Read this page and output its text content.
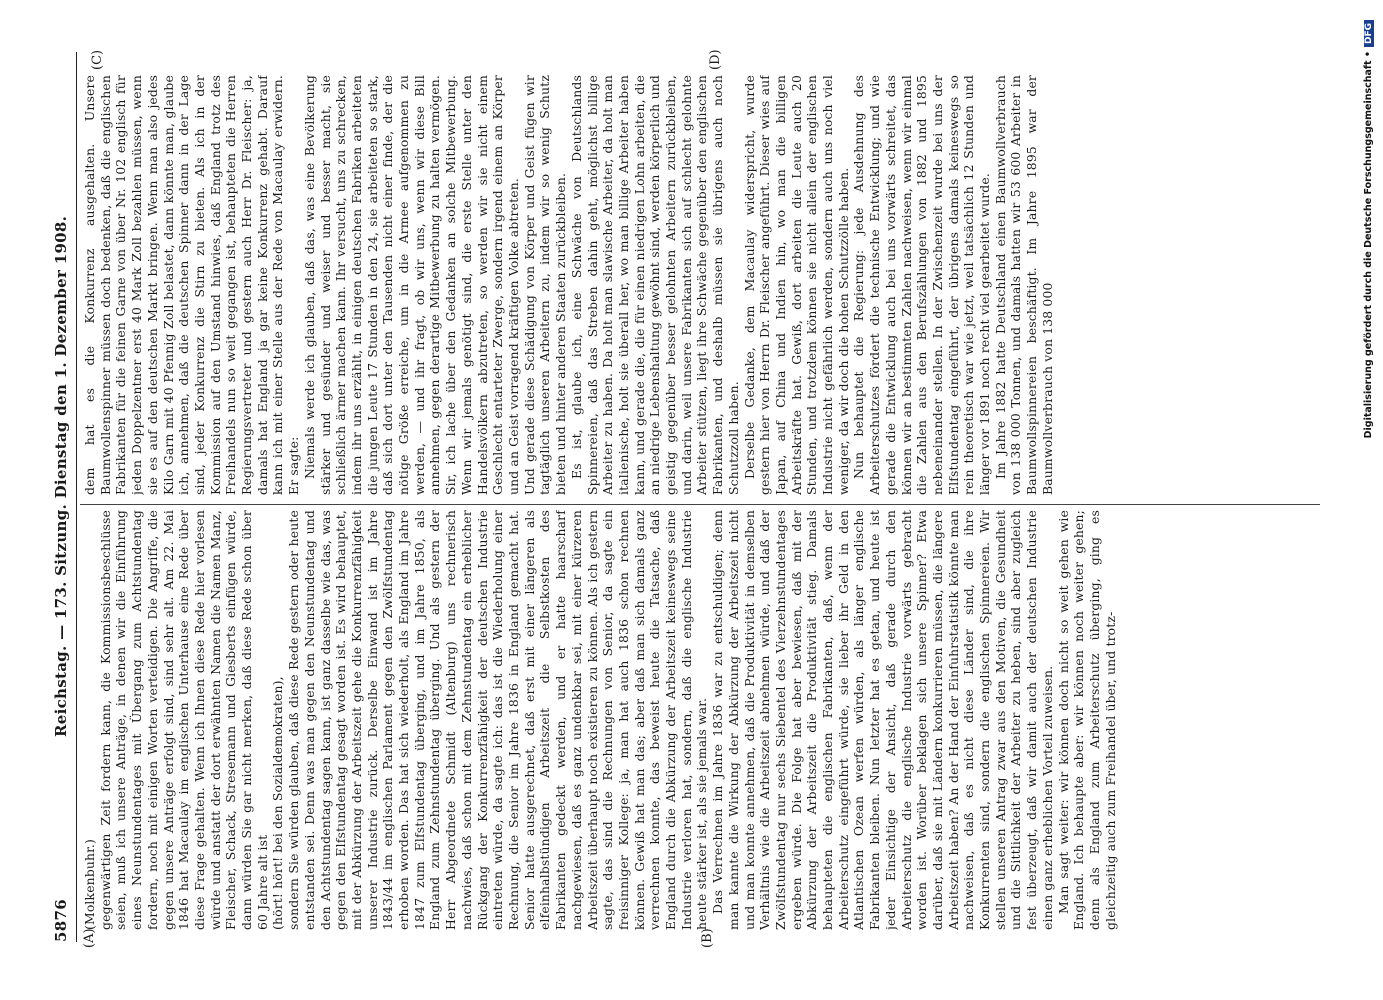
5876
Reichstag. — 173. Sitzung. Dienstag den 1. Dezember 1908.
(A)	(B)
(C)	(D)

(Molkenbuhr.) gegenwärtigen Zeit fordern kann, die Kommissionsbeschlüsse seien, muß ich unsere Anträge, in denen wir die Einführung eines Neunstundentages mit Übergang zum Achtstundentag fordern, noch mit einigen Worten verteidigen. Die Angriffe, die gegen unsere Anträge erfolgt sind, sind sehr alt. Am 22. Mai 1846 hat Macaulay im englischen Unterhause eine Rede über diese Frage gehalten. Wenn ich Ihnen diese Rede hier vorlesen würde und anstatt der dort erwähnten Namen die Namen Manz, Fleischer, Schack, Stresemann und Giesberts einfügen würde, dann würden Sie gar nicht merken, daß diese Rede schon über 60 Jahre alt ist (hört! hört! bei den Sozialdemokraten), sondern Sie würden glauben, daß diese Rede gestern oder heute entstanden sei. Denn was man gegen den Neunstundentag und den Achtstundentag sagen kann, ist ganz dasselbe wie das, was gegen den Elfstundentag gesagt worden ist. Es wird behauptet, mit der Abkürzung der Arbeitszeit gehe die Konkurrenzfähigkeit unserer Industrie zurück. Derselbe Einwand ist im Jahre 1843/44 im englischen Parlament gegen den Zwölfstundentag erhoben worden. Das hat sich wiederholt, als England im Jahre 1847 zum Elfstundentag überging, und im Jahre 1850, als England zum Zehnstundentag überging. Und als gestern der Herr Abgeordnete Schmidt (Altenburg) uns rechnerisch nachwies, daß schon mit dem Zehnstundentag ein erheblicher Rückgang der Konkurrenzfähigkeit der deutschen Industrie eintreten würde, da sagte ich: das ist die Wiederholung einer Rechnung, die Senior im Jahre 1836 in England gemacht hat. Senior hatte ausgerechnet, daß erst mit einer längeren als elfeinhalbstündigen Arbeitszeit die Selbstkosten des Fabrikanten gedeckt werden, und er hatte haarscharf nachgewiesen, daß es ganz undenkbar sei, mit einer kürzeren Arbeitszeit überhaupt noch existieren zu können. Als ich gestern sagte, das sind die Rechnungen von Senior, da sagte ein freisinniger Kollege: ja, man hat auch 1836 schon rechnen können. Gewiß hat man das; aber daß man sich damals ganz verrechnen konnte, das beweist heute die Tatsache, daß England durch die Abkürzung der Arbeitszeit keineswegs seine Industrie verloren hat, sondern, daß die englische Industrie heute stärker ist, als sie jemals war. Das Verrechnen im Jahre 1836 war zu entschuldigen; denn man kannte die Wirkung der Abkürzung der Arbeitszeit nicht und man konnte annehmen, daß die Produktivität in demselben Verhältnis wie die Arbeitszeit abnehmen würde, und daß der Zwölfstundentag nur sechs Siebentel des Vierzehnstundentages ergeben würde. Die Folge hat aber bewiesen, daß mit der Abkürzung der Arbeitszeit die Produktivität stieg. Damals behaupteten die englischen Fabrikanten, daß, wenn der Arbeiterschutz eingeführt würde, sie lieber ihr Geld in den Atlantischen Ozean werfen würden, als länger englische Fabrikanten bleiben. Nun letzter hat es getan, und heute ist jeder Einsichtige der Ansicht, daß gerade durch den Arbeiterschutz die englische Industrie vorwärts gebracht worden ist. Worüber beklagen sich unsere Spinner? Etwa darüber, daß sie mit Ländern konkurrieren müssen, die längere Arbeitszeit haben? An der Hand der Einfuhrstatistik könnte man nachweisen, daß es nicht diese Länder sind, die ihre Konkurrenten sind, sondern die englischen Spinnereien. Wir stellen unseren Antrag zwar aus den Motiven, die Gesundheit und die Sittlichkeit der Arbeiter zu heben, sind aber zugleich fest überzeugt, daß wir damit auch der deutschen Industrie einen ganz erheblichen Vorteil zuweisen. Man sagt weiter: wir können doch nicht so weit gehen wie England. Ich behaupte aber: wir können noch weiter gehen; denn als England zum Arbeiterschutz überging, ging es gleichzeitig auch zum Freihandel über, und trotz-

dem hat es die Konkurrenz ausgehalten. Unsere Baumwollenspinner müssen doch bedenken, daß die englischen Fabrikanten für die feinen Garne von über Nr. 102 englisch für jeden Doppelzentner erst 40 Mark Zoll bezahlen müssen, wenn sie es auf den deutschen Markt bringen. Wenn man also jedes Kilo Garn mit 40 Pfennig Zoll belastet, dann könnte man, glaube ich, annehmen, daß die deutschen Spinner dann in der Lage sind, jeder Konkurrenz die Stirn zu bieten. Als ich in der Kommission auf den Umstand hinwies, daß England trotz des Freihandels nun so weit gegangen ist, behaupteten die Herren Regierungsvertreter und gestern auch Herr Dr. Fleischer: ja, damals hat England ja gar keine Konkurrenz gehabt. Darauf kann ich mit einer Stelle aus der Rede von Macaulay erwidern. Er sagte: Niemals werde ich glauben, daß das, was eine Bevölkerung stärker und gesünder und weiser und besser macht, sie schließlich ärmer machen kann. Ihr versucht, uns zu schrecken, indem ihr uns erzählt, in einigen deutschen Fabriken arbeiteten die jungen Leute 17 Stunden in den 24, sie arbeiteten so stark, daß sich dort unter den Tausenden nicht einer finde, der die nötige Größe erreiche, um in die Armee aufgenommen zu werden, — und ihr fragt, ob wir uns, wenn wir diese Bill annehmen, gegen derartige Mitbewerbung zu halten vermögen. Sir, ich lache über den Gedanken an solche Mitbewerbung. Wenn wir jemals genötigt sind, die erste Stelle unter den Handelsvölkern abzutreten, so werden wir sie nicht einem Geschlecht entarteter Zwerge, sondern irgend einem an Körper und an Geist vorragend kräftigen Volke abtreten. Und gerade diese Schädigung von Körper und Geist fügen wir tagtäglich unseren Arbeitern zu, indem wir so wenig Schutz bieten und hinter anderen Staaten zurückbleiben. Es ist, glaube ich, eine Schwäche von Deutschlands Spinnereien, daß das Streben dahin geht, möglichst billige Arbeiter zu haben. Da holt man slawische Arbeiter, da holt man italienische, holt sie überall her, wo man billige Arbeiter haben kann, und gerade die, die für einen niedrigen Lohn arbeiten, die an niedrige Lebenshaltung gewöhnt sind, werden körperlich und geistig gegenüber besser gelohnten Arbeitern zurückbleiben, und darin, weil unsere Fabrikanten sich auf schlecht gelohnte Arbeiter stützen, liegt ihre Schwäche gegenüber den englischen Fabrikanten, und deshalb müssen sie übrigens auch noch Schutzzoll haben. Derselbe Gedanke, dem Macaulay widerspricht, wurde gestern hier von Herrn Dr. Fleischer angeführt. Dieser wies auf Japan, auf China und Indien hin, wo man die billigen Arbeitskräfte hat. Gewiß, dort arbeiten die Leute auch 20 Stunden, und trotzdem können sie nicht allein der englischen Industrie nicht gefährlich werden, sondern auch uns noch viel weniger, da wir doch die hohen Schutzzölle haben. Nun behauptet die Regierung: jede Ausdehnung des Arbeiterschutzes fördert die technische Entwicklung; und wie gerade die Entwicklung auch bei uns vorwärts schreitet, das können wir an bestimmten Zahlen nachweisen, wenn wir einmal die Zahlen aus den Berufszählungen von 1882 und 1895 nebeneinander stellen. In der Zwischenzeit wurde bei uns der Elfstundentag eingeführt, der übrigens damals keineswegs so rein theoretisch war wie jetzt, weil tatsächlich 12 Stunden und länger vor 1891 noch recht viel gearbeitet wurde. Im Jahre 1882 hatte Deutschland einen Baumwollverbrauch von 138 000 Tonnen, und damals hatten wir 53 600 Arbeiter in Baumwollspinnereien beschäftigt. Im Jahre 1895 war der Baumwollverbrauch von 138 000	Digitalisierung gefördert durch die Deutsche Forschungsgemeinschaft •DFG
